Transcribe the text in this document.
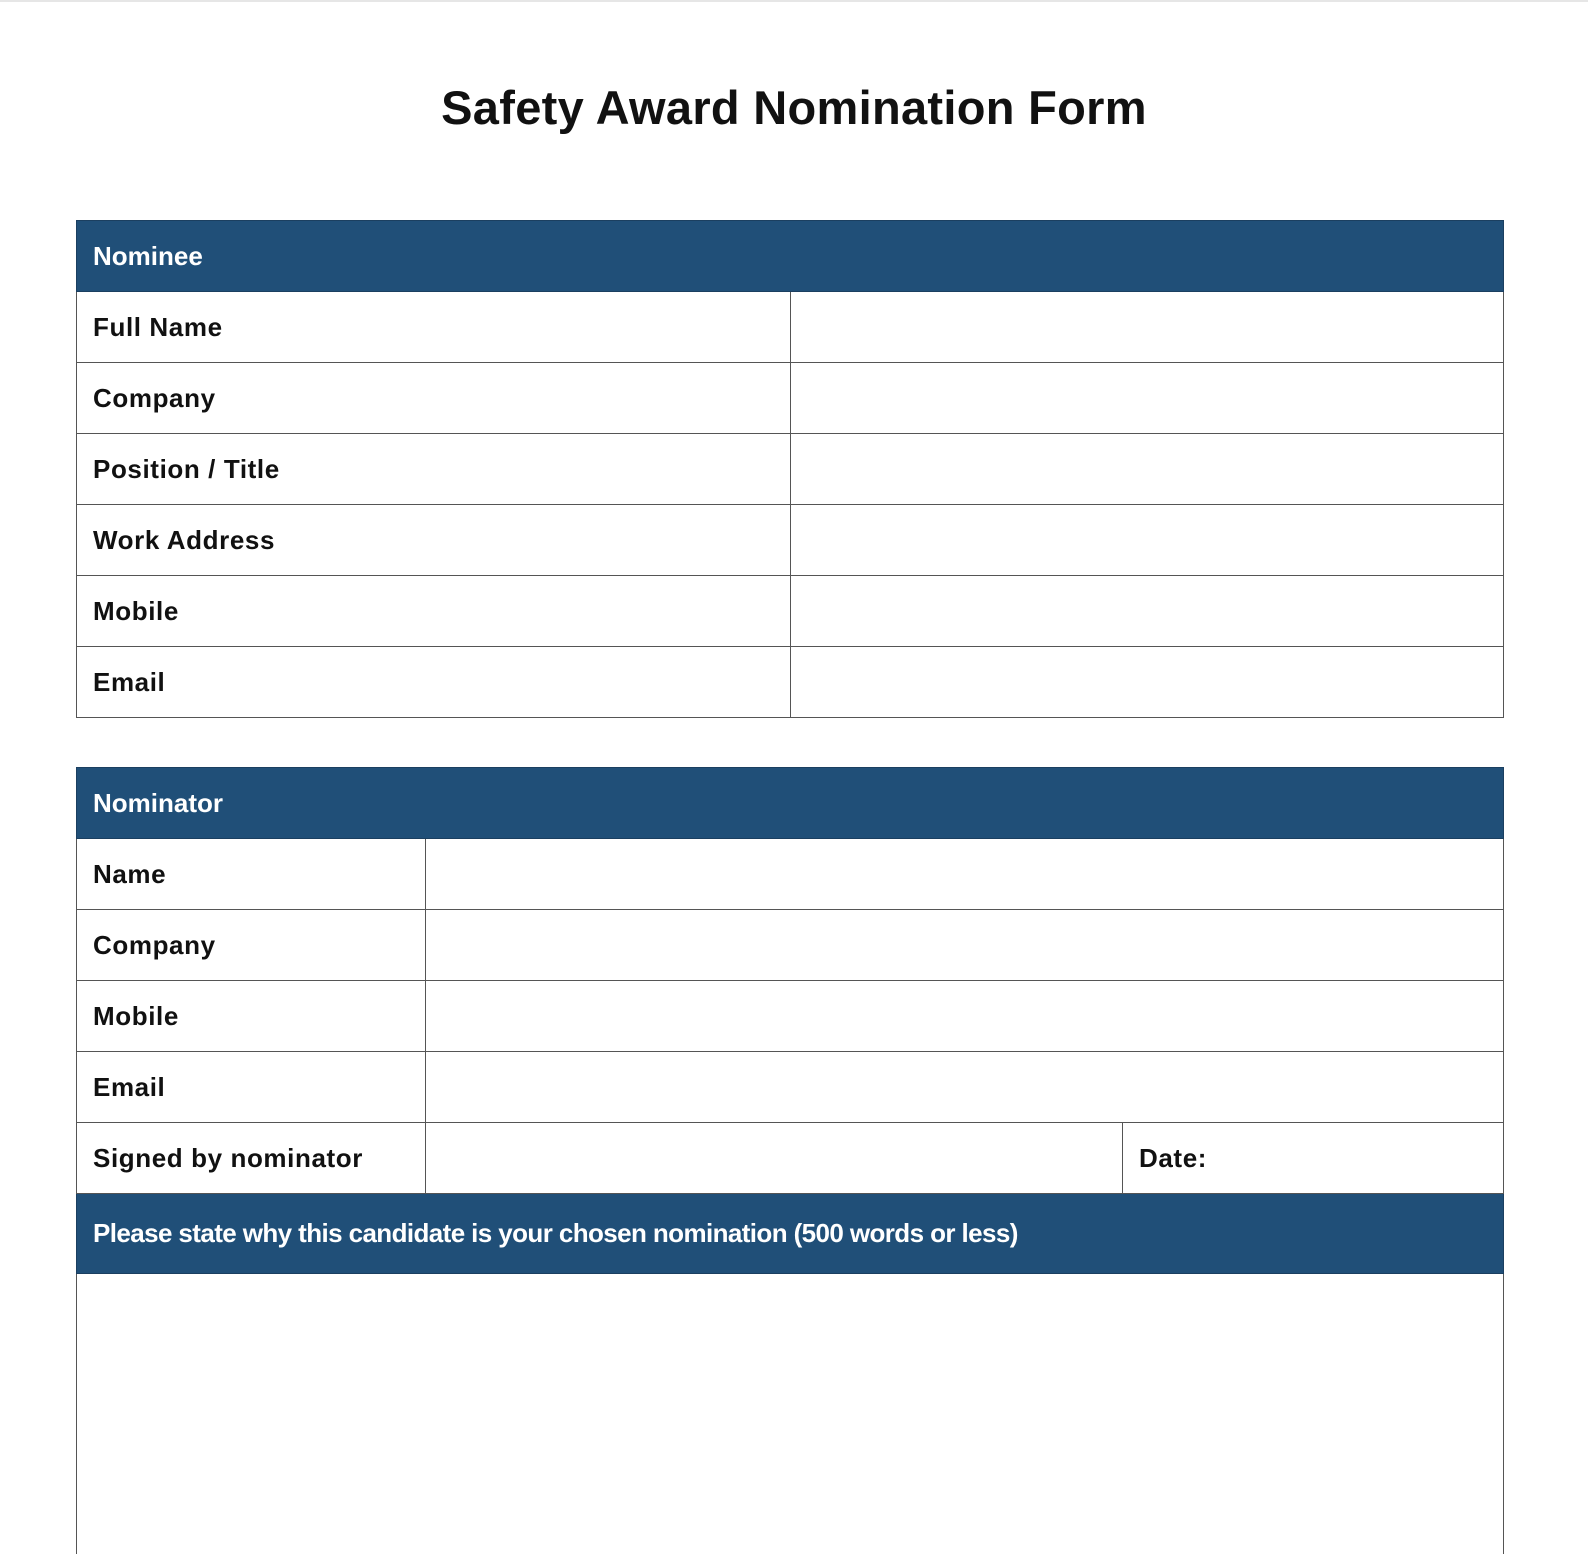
Safety Award Nomination Form
Nominee	
Full Name	
Company	
Position / Title	
Work Address	
Mobile	
Email	
Nominator		
Name		
Company		
Mobile		
Email		
Signed by nominator		Date:
Please state why this candidate is your chosen nomination (500 words or less)		
